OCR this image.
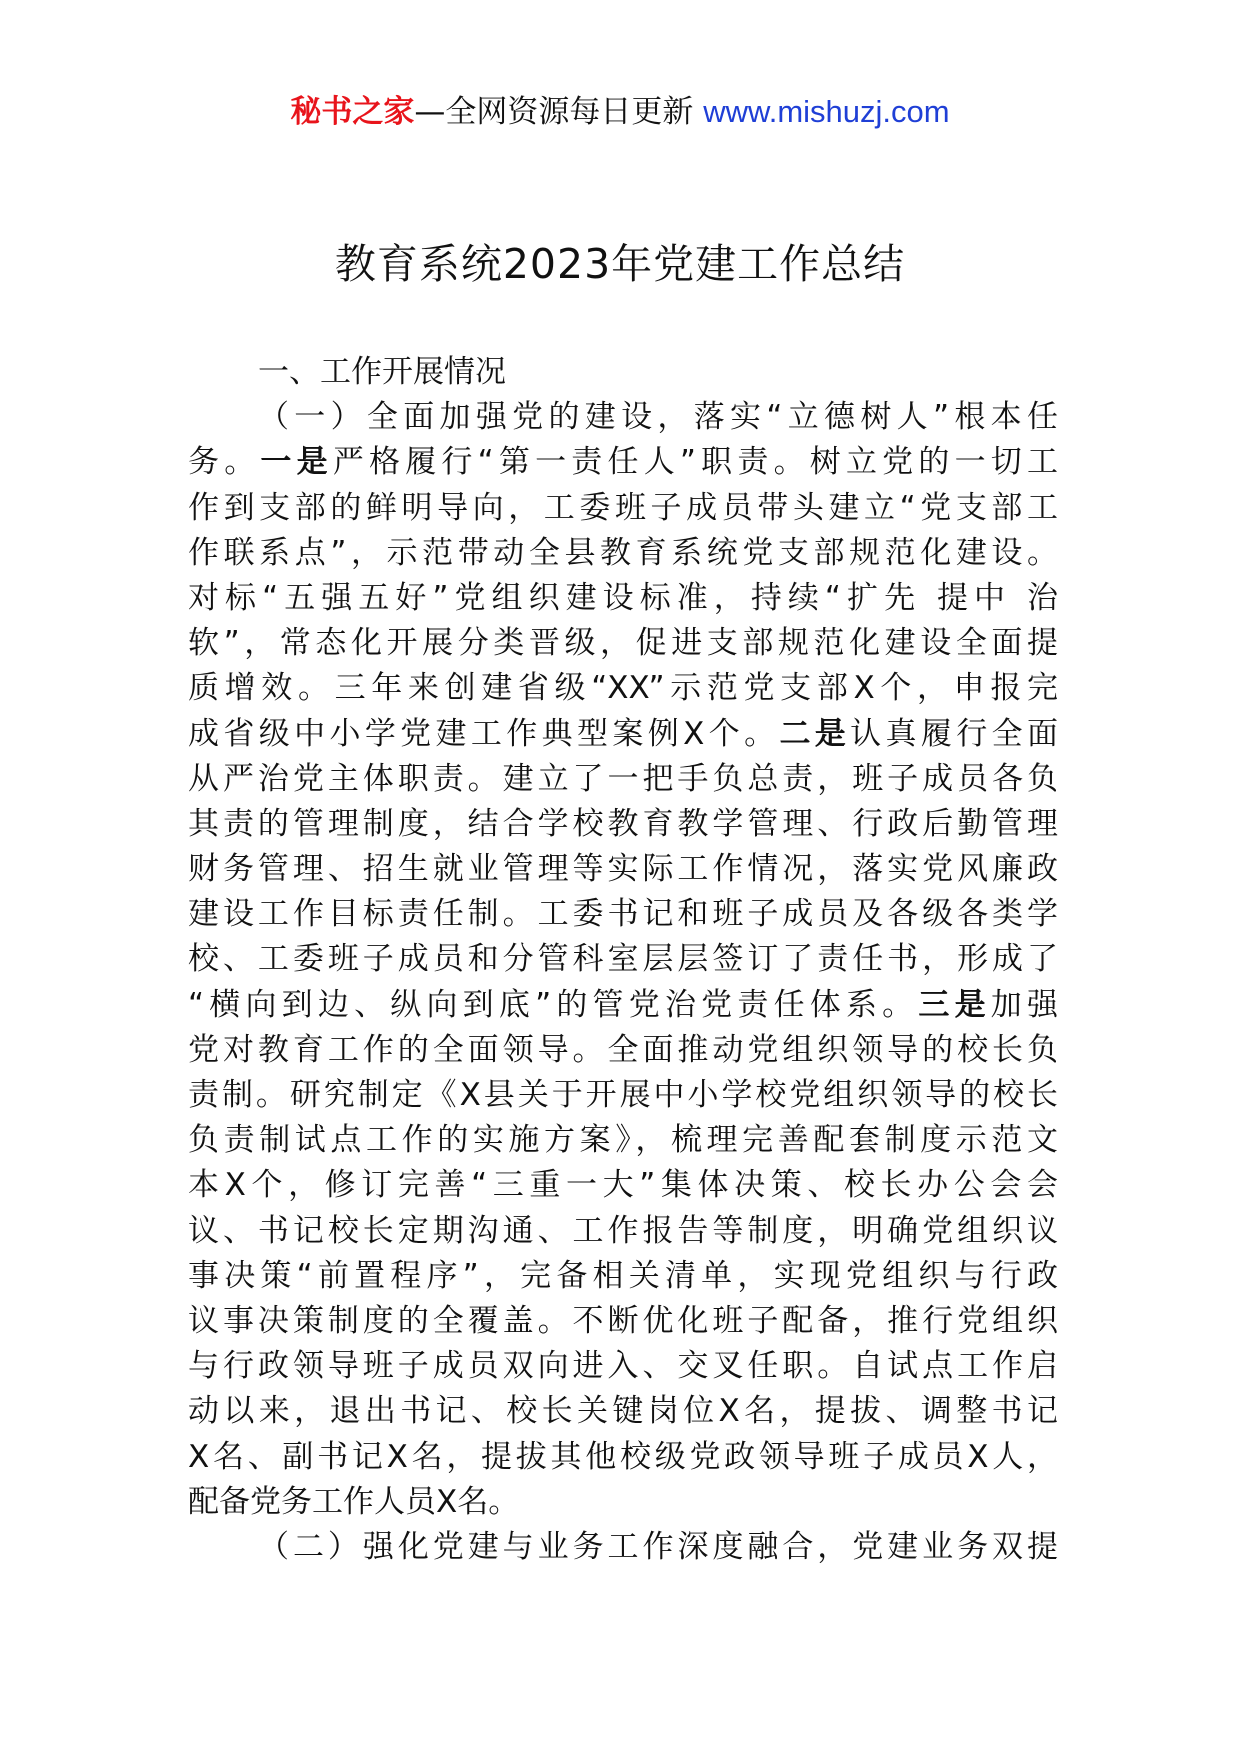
秘书之家—全网资源每日更新 www.mishuzj.com
教育系统2023年党建工作总结
一、工作开展情况
（一）全面加强党的建设，落实“立德树人”根本任
务。一是严格履行“第一责任人”职责。树立党的一切工
作到支部的鲜明导向，工委班子成员带头建立“党支部工
作联系点”，示范带动全县教育系统党支部规范化建设。
对标“五强五好”党组织建设标准，持续“扩先 提中 治
软”，常态化开展分类晋级，促进支部规范化建设全面提
质增效。三年来创建省级“XX”示范党支部X个，申报完
成省级中小学党建工作典型案例X个。二是认真履行全面
从严治党主体职责。建立了一把手负总责，班子成员各负
其责的管理制度，结合学校教育教学管理、行政后勤管理
财务管理、招生就业管理等实际工作情况，落实党风廉政
建设工作目标责任制。工委书记和班子成员及各级各类学
校、工委班子成员和分管科室层层签订了责任书，形成了
“横向到边、纵向到底”的管党治党责任体系。三是加强
党对教育工作的全面领导。全面推动党组织领导的校长负
责制。研究制定《X县关于开展中小学校党组织领导的校长
负责制试点工作的实施方案》，梳理完善配套制度示范文
本X个，修订完善“三重一大”集体决策、校长办公会会
议、书记校长定期沟通、工作报告等制度，明确党组织议
事决策“前置程序”，完备相关清单，实现党组织与行政
议事决策制度的全覆盖。不断优化班子配备，推行党组织
与行政领导班子成员双向进入、交叉任职。自试点工作启
动以来，退出书记、校长关键岗位X名，提拔、调整书记
X名、副书记X名，提拔其他校级党政领导班子成员X人，
配备党务工作人员X名。
（二）强化党建与业务工作深度融合，党建业务双提
